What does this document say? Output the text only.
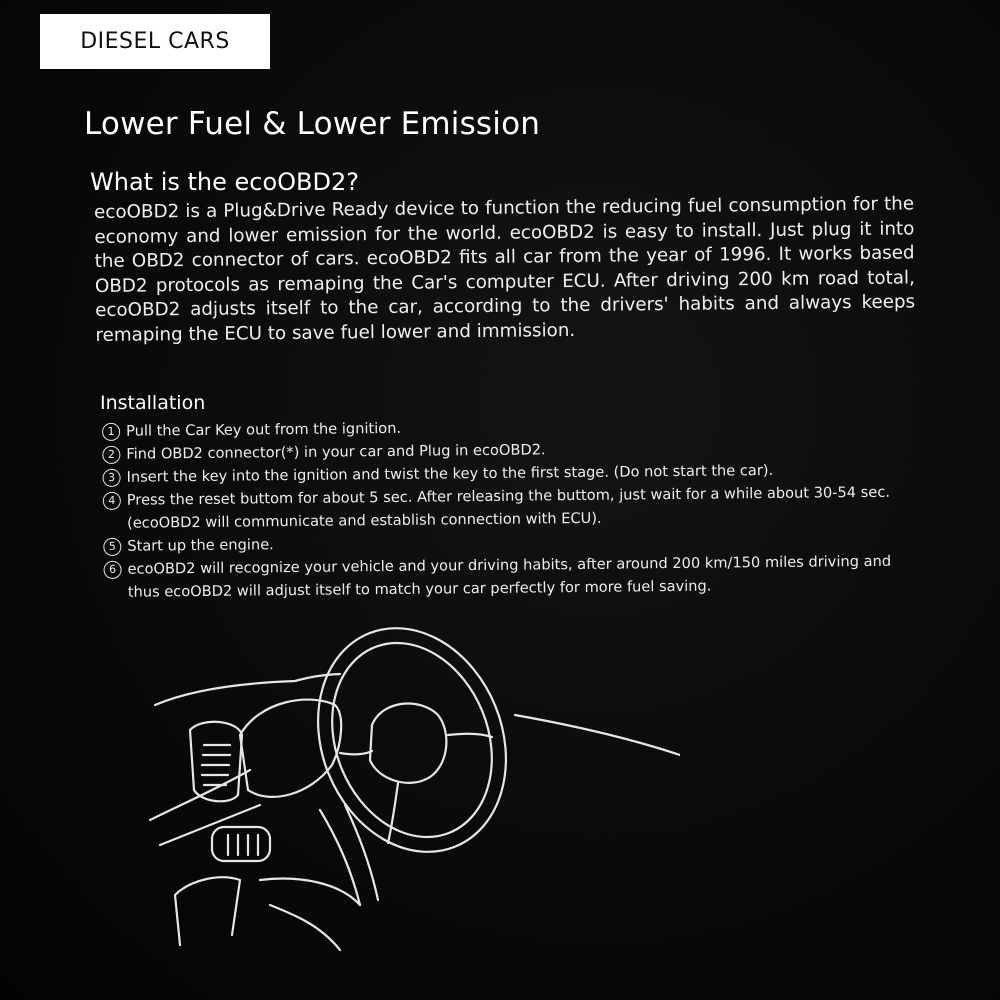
DIESEL CARS
Lower Fuel & Lower Emission
What is the ecoOBD2?

ecoOBD2 is a Plug&Drive Ready device to function the reducing fuel consumption for the economy and lower emission for the world. ecoOBD2 is easy to install. Just plug it into the OBD2 connector of cars. ecoOBD2 fits all car from the year of 1996. It works based OBD2 protocols as remaping the Car's computer ECU. After driving 200 km road total, ecoOBD2 adjusts itself to the car, according to the drivers' habits and always keeps remaping the ECU to save fuel lower and immission.

Installation
1 Pull the Car Key out from the ignition.
2 Find OBD2 connector(*) in your car and Plug in ecoOBD2.
3 Insert the key into the ignition and twist the key to the first stage. (Do not start the car).
4 Press the reset buttom for about 5 sec. After releasing the buttom, just wait for a while about 30-54 sec. (ecoOBD2 will communicate and establish connection with ECU).
5 Start up the engine.
6 ecoOBD2 will recognize your vehicle and your driving habits, after around 200 km/150 miles driving and thus ecoOBD2 will adjust itself to match your car perfectly for more fuel saving.
